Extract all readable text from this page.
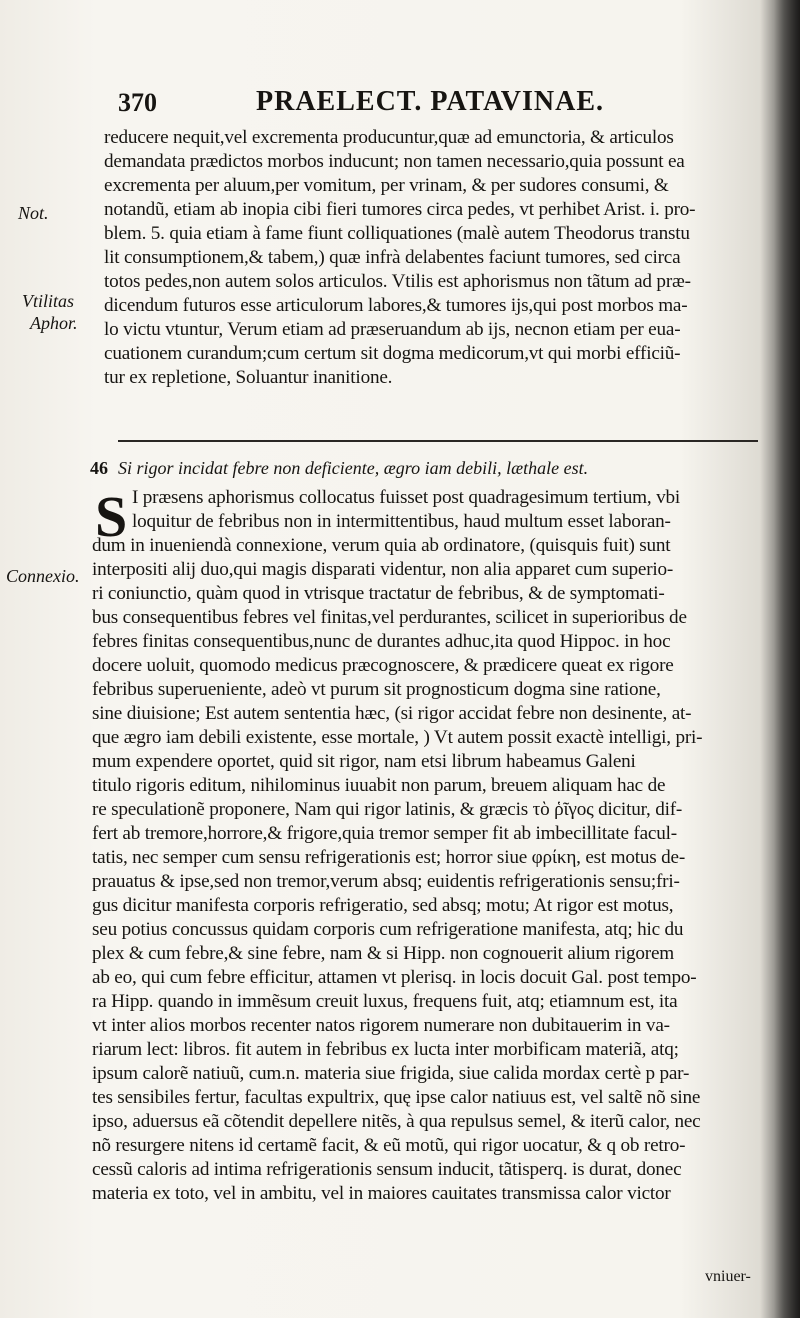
370	PRAELECT. PATAVINAE.
reducere nequit,vel excrementa producuntur,quæ ad emunctoria, & articulos
demandata prædictos morbos inducunt; non tamen necessario,quia possunt ea
excrementa per aluum,per vomitum, per vrinam, & per sudores consumi, &
notandũ, etiam ab inopia cibi fieri tumores circa pedes, vt perhibet Arist. i. pro-
blem. 5. quia etiam à fame fiunt colliquationes (malè autem Theodorus transtu
lit consumptionem,& tabem,) quæ infrà delabentes faciunt tumores, sed circa
totos pedes,non autem solos articulos. Vtilis est aphorismus non tãtum ad præ-
dicendum futuros esse articulorum labores,& tumores ijs,qui post morbos ma-
lo victu vtuntur, Verum etiam ad præseruandum ab ijs, necnon etiam per eua-
cuationem curandum;cum certum sit dogma medicorum,vt qui morbi efficiũ-
tur ex repletione, Soluantur inanitione.
Not.
Vtilitas
Aphor.
46 Si rigor incidat febre non deficiente, ægro iam debili, læthale est.
S
Connexio.
I præsens aphorismus collocatus fuisset post quadragesimum tertium, vbi
loquitur de febribus non in intermittentibus, haud multum esset laboran-
dum in inueniendà connexione, verum quia ab ordinatore, (quisquis fuit) sunt
interpositi alij duo,qui magis disparati videntur, non alia apparet cum superio-
ri coniunctio, quàm quod in vtrisque tractatur de febribus, & de symptomati-
bus consequentibus febres vel finitas,vel perdurantes, scilicet in superioribus de
febres finitas consequentibus,nunc de durantes adhuc,ita quod Hippoc. in hoc
docere uoluit, quomodo medicus præcognoscere, & prædicere queat ex rigore
febribus superueniente, adeò vt purum sit prognosticum dogma sine ratione,
sine diuisione; Est autem sententia hæc, (si rigor accidat febre non desinente, at-
que ægro iam debili existente, esse mortale, ) Vt autem possit exactè intelligi, pri-
mum expendere oportet, quid sit rigor, nam etsi librum habeamus Galeni
titulo rigoris editum, nihilominus iuuabit non parum, breuem aliquam hac de
re speculationẽ proponere, Nam qui rigor latinis, & græcis τὸ ῥῖγος dicitur, dif-
fert ab tremore,horrore,& frigore,quia tremor semper fit ab imbecillitate facul-
tatis, nec semper cum sensu refrigerationis est; horror siue φρίκη, est motus de-
prauatus & ipse,sed non tremor,verum absq; euidentis refrigerationis sensu;fri-
gus dicitur manifesta corporis refrigeratio, sed absq; motu; At rigor est motus,
seu potius concussus quidam corporis cum refrigeratione manifesta, atq; hic du
plex & cum febre,& sine febre, nam & si Hipp. non cognouerit alium rigorem
ab eo, qui cum febre efficitur, attamen vt plerisq. in locis docuit Gal. post tempo-
ra Hipp. quando in immẽsum creuit luxus, frequens fuit, atq; etiamnum est, ita
vt inter alios morbos recenter natos rigorem numerare non dubitauerim in va-
riarum lect: libros. fit autem in febribus ex lucta inter morbificam materiã, atq;
ipsum calorẽ natiuũ, cum.n. materia siue frigida, siue calida mordax certè p par-
tes sensibiles fertur, facultas expultrix, quę ipse calor natiuus est, vel saltẽ nõ sine
ipso, aduersus eã cõtendit depellere nitẽs, à qua repulsus semel, & iterũ calor, nec
nõ resurgere nitens id certamẽ facit, & eũ motũ, qui rigor uocatur, & q ob retro-
cessũ caloris ad intima refrigerationis sensum inducit, tãtisperq. is durat, donec
materia ex toto, vel in ambitu, vel in maiores cauitates transmissa calor victor
vniuer-
